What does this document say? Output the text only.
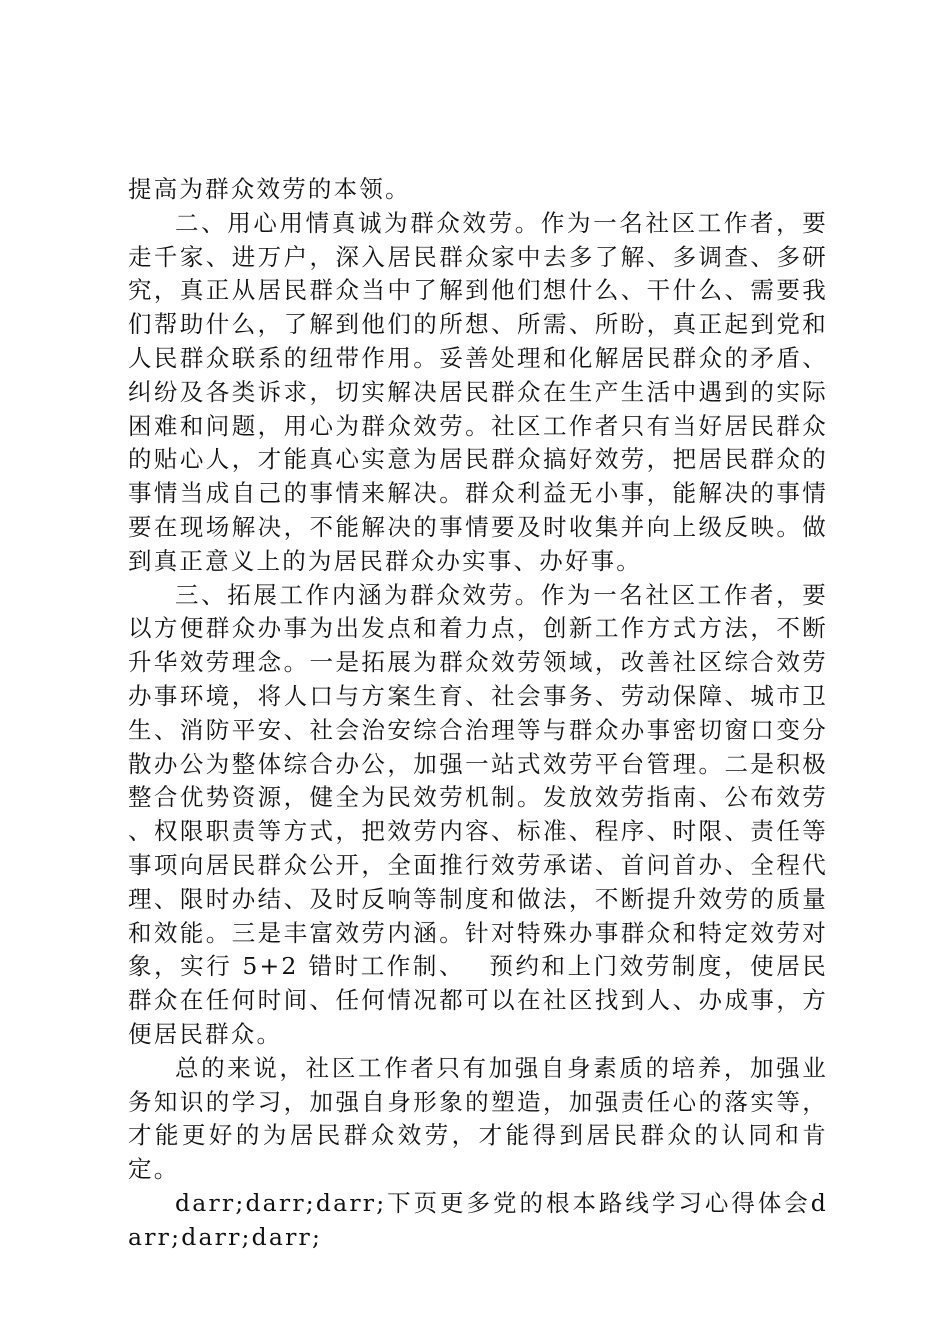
提高为群众效劳的本领。

二、用心用情真诚为群众效劳。作为一名社区工作者，要走千家、进万户，深入居民群众家中去多了解、多调查、多研究，真正从居民群众当中了解到他们想什么、干什么、需要我们帮助什么，了解到他们的所想、所需、所盼，真正起到党和人民群众联系的纽带作用。妥善处理和化解居民群众的矛盾、纠纷及各类诉求，切实解决居民群众在生产生活中遇到的实际困难和问题，用心为群众效劳。社区工作者只有当好居民群众的贴心人，才能真心实意为居民群众搞好效劳，把居民群众的事情当成自己的事情来解决。群众利益无小事，能解决的事情要在现场解决，不能解决的事情要及时收集并向上级反映。做到真正意义上的为居民群众办实事、办好事。

三、拓展工作内涵为群众效劳。作为一名社区工作者，要以方便群众办事为出发点和着力点，创新工作方式方法，不断升华效劳理念。一是拓展为群众效劳领域，改善社区综合效劳办事环境，将人口与方案生育、社会事务、劳动保障、城市卫生、消防平安、社会治安综合治理等与群众办事密切窗口变分散办公为整体综合办公，加强一站式效劳平台管理。二是积极整合优势资源，健全为民效劳机制。发放效劳指南、公布效劳　 、权限职责等方式，把效劳内容、标准、程序、时限、责任等事项向居民群众公开，全面推行效劳承诺、首问首办、全程代理、限时办结、及时反响等制度和做法，不断提升效劳的质量和效能。三是丰富效劳内涵。针对特殊办事群众和特定效劳对象，实行 5+2 错时工作制、　 预约和上门效劳制度，使居民群众在任何时间、任何情况都可以在社区找到人、办成事，方便居民群众。

总的来说，社区工作者只有加强自身素质的培养，加强业务知识的学习，加强自身形象的塑造，加强责任心的落实等，才能更好的为居民群众效劳，才能得到居民群众的认同和肯定。

darr;darr;darr;下页更多党的根本路线学习心得体会darr;darr;darr;
